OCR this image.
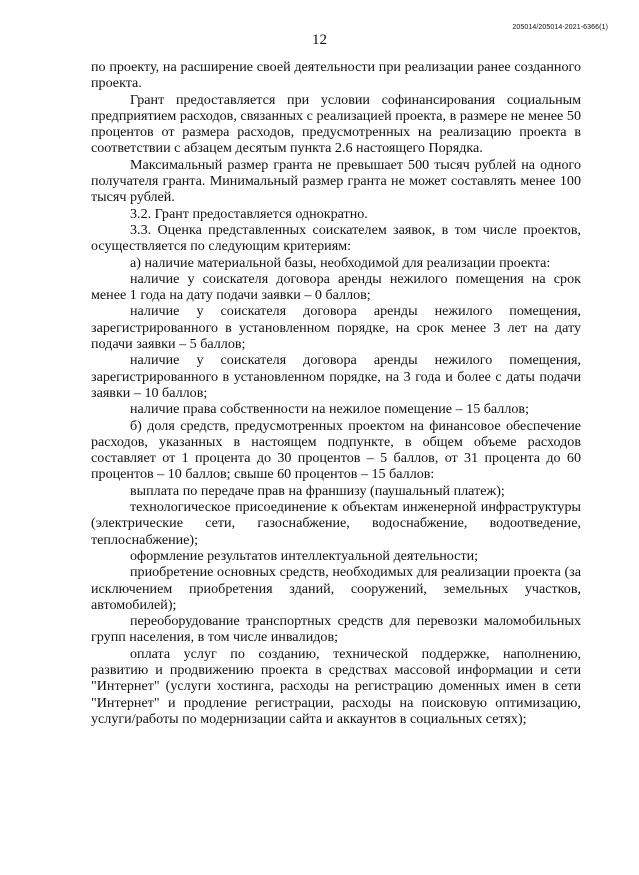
12
205014/205014-2021-6366(1)

по проекту, на расширение своей деятельности при реализации ранее созданного проекта.

Грант предоставляется при условии софинансирования социальным предприятием расходов, связанных с реализацией проекта, в размере не менее 50 процентов от размера расходов, предусмотренных на реализацию проекта в соответствии с абзацем десятым пункта 2.6 настоящего Порядка.

Максимальный размер гранта не превышает 500 тысяч рублей на одного получателя гранта. Минимальный размер гранта не может составлять менее 100 тысяч рублей.

3.2. Грант предоставляется однократно.

3.3. Оценка представленных соискателем заявок, в том числе проектов, осуществляется по следующим критериям:

а) наличие материальной базы, необходимой для реализации проекта:

наличие у соискателя договора аренды нежилого помещения на срок менее 1 года на дату подачи заявки – 0 баллов;

наличие у соискателя договора аренды нежилого помещения, зарегистрированного в установленном порядке, на срок менее 3 лет на дату подачи заявки – 5 баллов;

наличие у соискателя договора аренды нежилого помещения, зарегистрированного в установленном порядке, на 3 года и более с даты подачи заявки – 10 баллов;

наличие права собственности на нежилое помещение – 15 баллов;

б) доля средств, предусмотренных проектом на финансовое обеспечение расходов, указанных в настоящем подпункте, в общем объеме расходов составляет от 1 процента до 30 процентов – 5 баллов, от 31 процента до 60 процентов – 10 баллов; свыше 60 процентов – 15 баллов:

выплата по передаче прав на франшизу (паушальный платеж);

технологическое присоединение к объектам инженерной инфраструктуры (электрические сети, газоснабжение, водоснабжение, водоотведение, теплоснабжение);

оформление результатов интеллектуальной деятельности;

приобретение основных средств, необходимых для реализации проекта (за исключением приобретения зданий, сооружений, земельных участков, автомобилей);

переоборудование транспортных средств для перевозки маломобильных групп населения, в том числе инвалидов;

оплата услуг по созданию, технической поддержке, наполнению, развитию и продвижению проекта в средствах массовой информации и сети "Интернет" (услуги хостинга, расходы на регистрацию доменных имен в сети "Интернет" и продление регистрации, расходы на поисковую оптимизацию, услуги/работы по модернизации сайта и аккаунтов в социальных сетях);
